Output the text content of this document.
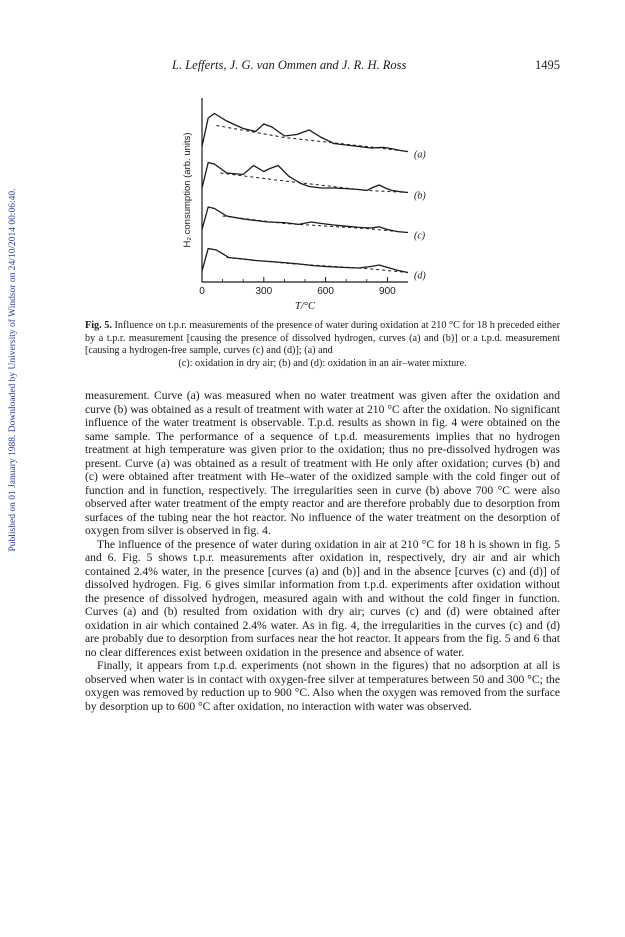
L. Lefferts, J. G. van Ommen and J. R. H. Ross	1495
Published on 01 January 1988. Downloaded by University of Windsor on 24/10/2014 00:06:40.	0	300	600	900
T/°C
H₂ consumption (arb. units)	(a)
(b)
(c)
(d)

Fig. 5. Influence on t.p.r. measurements of the presence of water during oxidation at 210 °C for 18 h preceded either by a t.p.r. measurement [causing the presence of dissolved hydrogen, curves (a) and (b)] or a t.p.d. measurement [causing a hydrogen-free sample, curves (c) and (d)]; (a) and
(c): oxidation in dry air; (b) and (d): oxidation in an air–water mixture.

measurement. Curve (a) was measured when no water treatment was given after the oxidation and curve (b) was obtained as a result of treatment with water at 210 °C after the oxidation. No significant influence of the water treatment is observable. T.p.d. results as shown in fig. 4 were obtained on the same sample. The performance of a sequence of t.p.d. measurements implies that no hydrogen treatment at high temperature was given prior to the oxidation; thus no pre-dissolved hydrogen was present. Curve (a) was obtained as a result of treatment with He only after oxidation; curves (b) and (c) were obtained after treatment with He–water of the oxidized sample with the cold finger out of function and in function, respectively. The irregularities seen in curve (b) above 700 °C were also observed after water treatment of the empty reactor and are therefore probably due to desorption from surfaces of the tubing near the hot reactor. No influence of the water treatment on the desorption of oxygen from silver is observed in fig. 4.

The influence of the presence of water during oxidation in air at 210 °C for 18 h is shown in fig. 5 and 6. Fig. 5 shows t.p.r. measurements after oxidation in, respectively, dry air and air which contained 2.4% water, in the presence [curves (a) and (b)] and in the absence [curves (c) and (d)] of dissolved hydrogen. Fig. 6 gives similar information from t.p.d. experiments after oxidation without the presence of dissolved hydrogen, measured again with and without the cold finger in function. Curves (a) and (b) resulted from oxidation with dry air; curves (c) and (d) were obtained after oxidation in air which contained 2.4% water. As in fig. 4, the irregularities in the curves (c) and (d) are probably due to desorption from surfaces near the hot reactor. It appears from the fig. 5 and 6 that no clear differences exist between oxidation in the presence and absence of water.

Finally, it appears from t.p.d. experiments (not shown in the figures) that no adsorption at all is observed when water is in contact with oxygen-free silver at temperatures between 50 and 300 °C; the oxygen was removed by reduction up to 900 °C. Also when the oxygen was removed from the surface by desorption up to 600 °C after oxidation, no interaction with water was observed.
